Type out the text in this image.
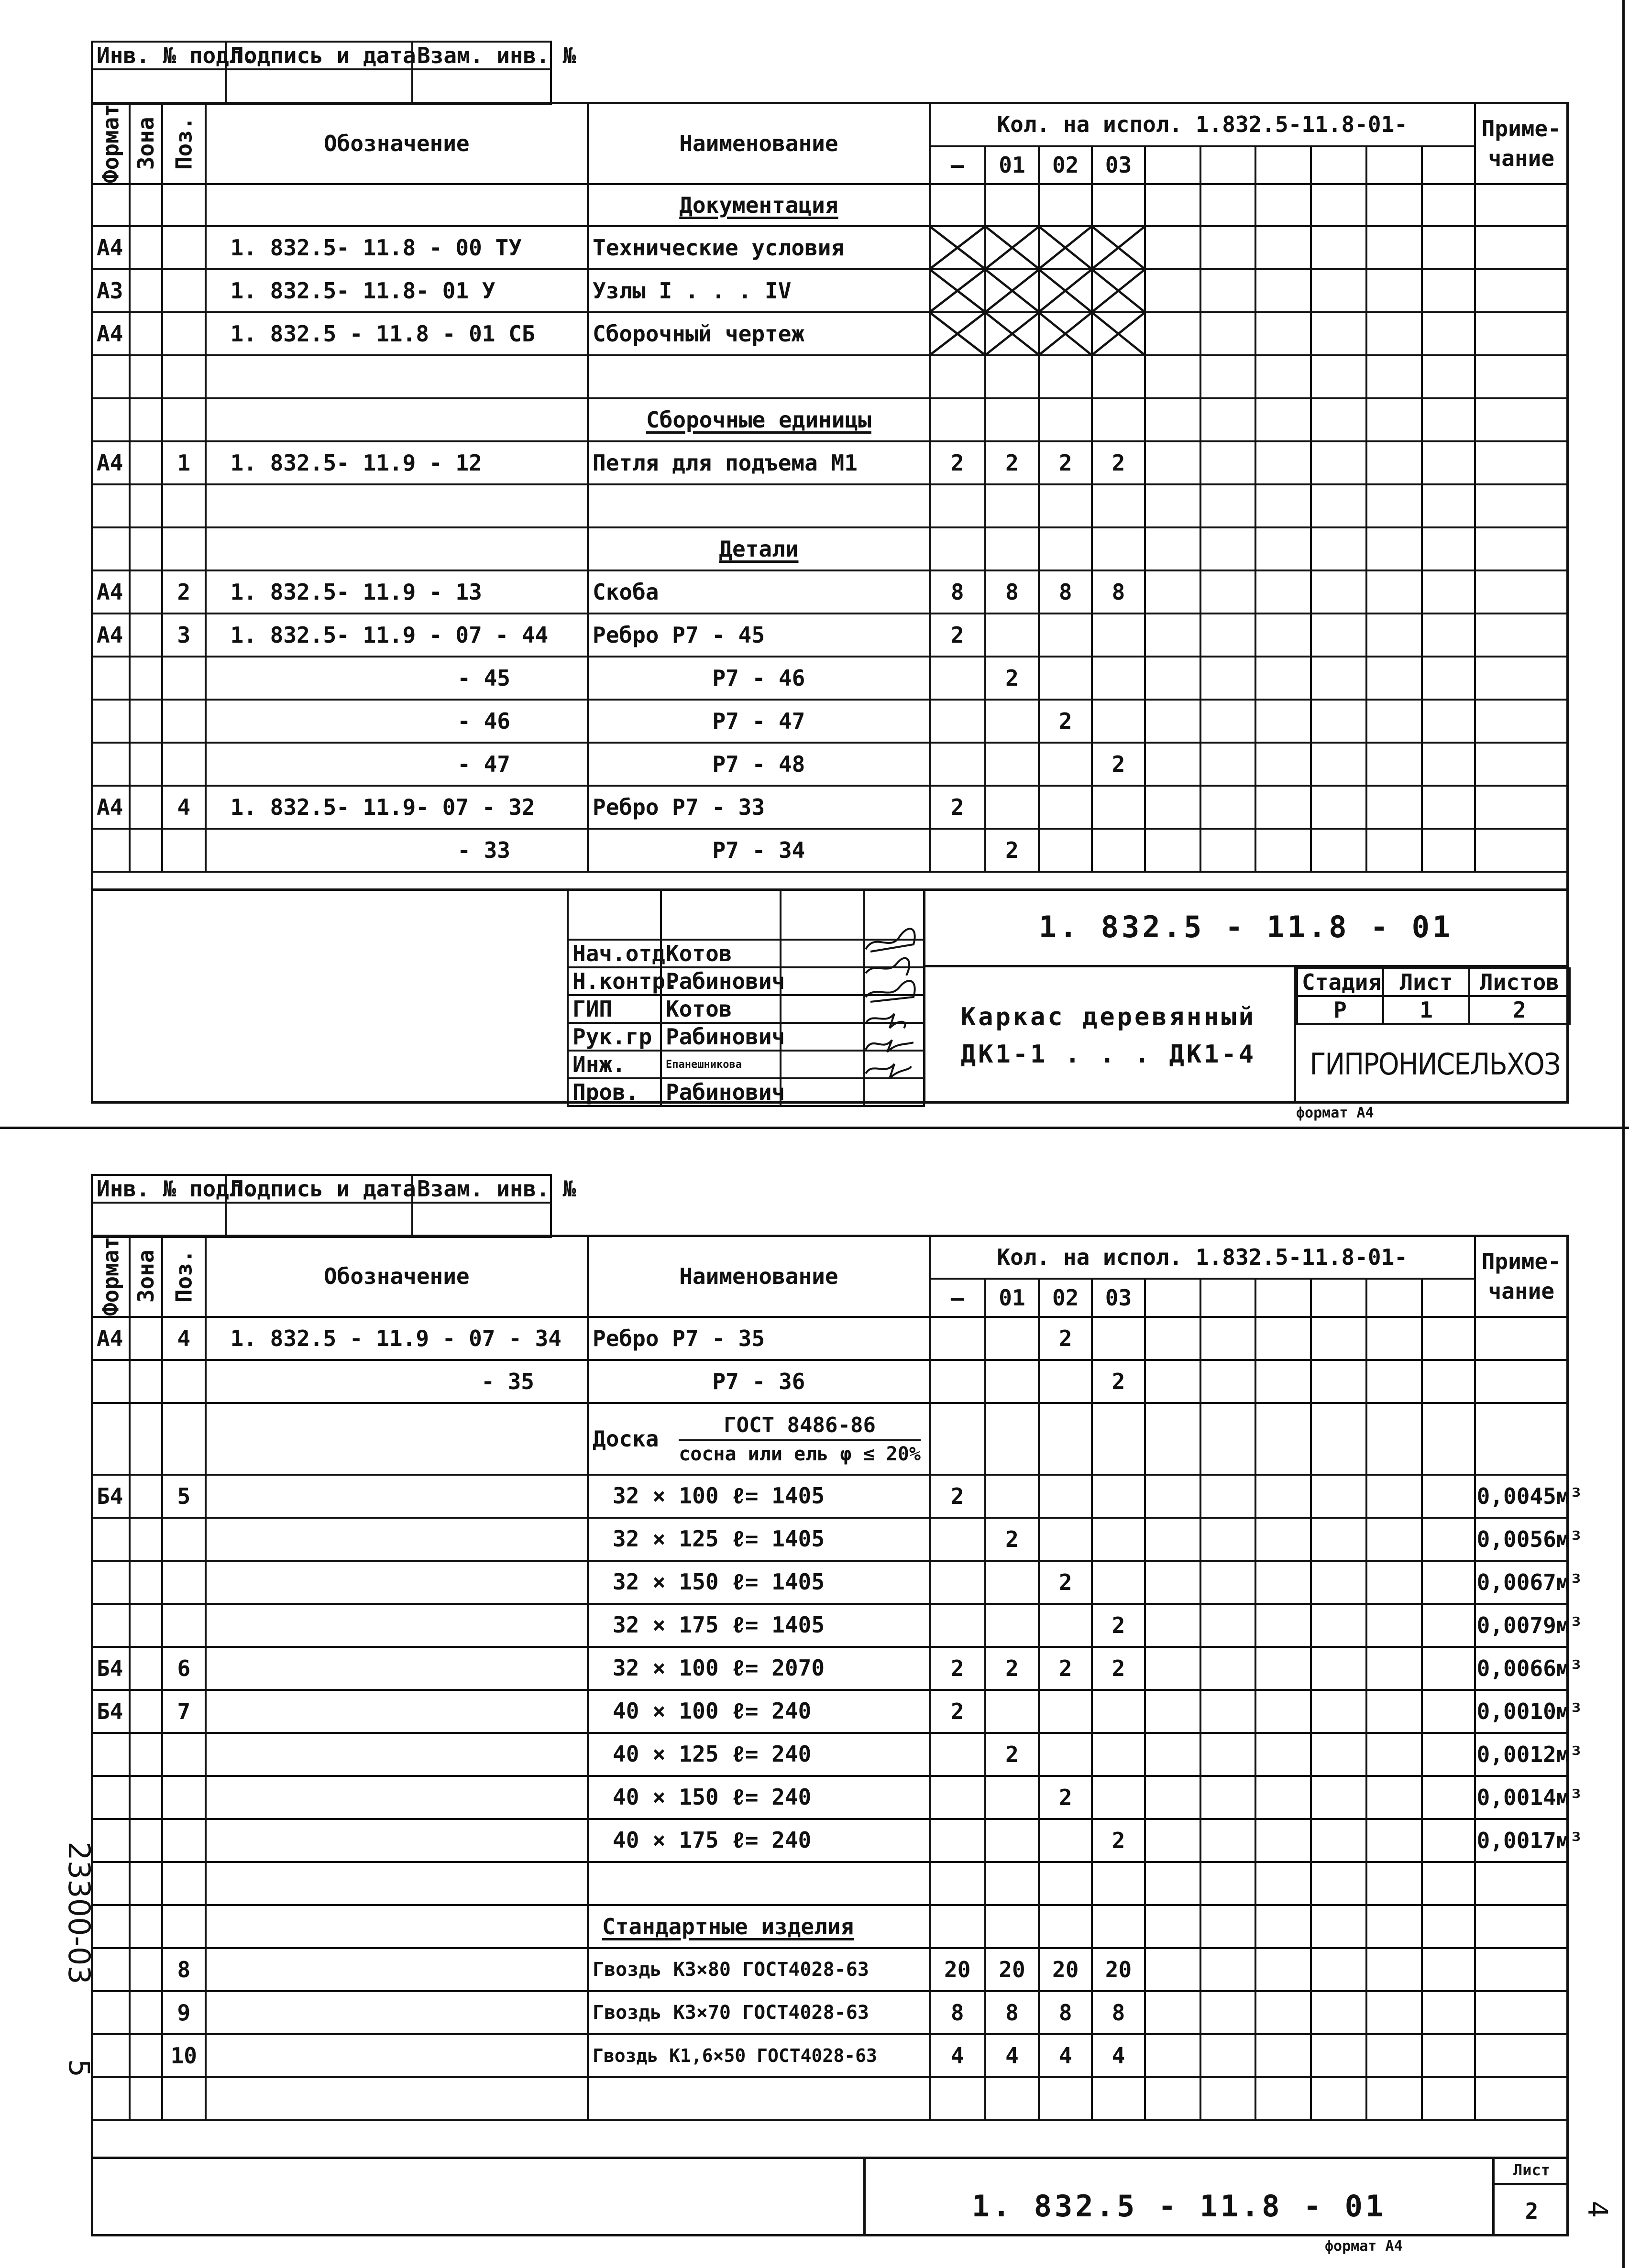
Инв. № подл.	Подпись и дата	Взам. инв. №

Формат	Зона	Поз.	Обозначение	Наименование	Кол. на испол. 1.832.5-11.8-01-										Приме-
чание
					—	01	02	03							
				Документация											
А4			1. 832.5- 11.8 - 00 ТУ	Технические условия	

А3			1. 832.5- 11.8- 01 У	Узлы I . . . IV	

А4			1. 832.5 - 11.8 - 01 СБ	Сборочный чертеж	

				Сборочные единицы											
А4		1	1. 832.5- 11.9 - 12	Петля для подъема М1	2	2	2	2							

				Детали											
А4		2	1. 832.5- 11.9 - 13	Скоба	8	8	8	8							
А4		3	1. 832.5- 11.9 - 07 - 44	Ребро Р7 - 45	2										
			- 45	Р7 - 46		2									
			- 46	Р7 - 47			2								
			- 47	Р7 - 48				2							
А4		4	1. 832.5- 11.9- 07 - 32	Ребро Р7 - 33	2										
			- 33	Р7 - 34		2									

Нач.отд	Котов		
Н.контр.	Рабинович		
ГИП	Котов		
Рук.гр	Рабинович		
Инж.	Епанешникова		
Пров.	Рабинович		
1. 832.5 - 11.8 - 01
Каркас деревянный
ДК1-1 . . . ДК1-4
Стадия	Лист	Листов
Р	1	2
ГИПРОНИСЕЛЬХОЗ
формат А4
Инв. № подл.	Подпись и дата	Взам. инв. №

Формат	Зона	Поз.	Обозначение	Наименование	Кол. на испол. 1.832.5-11.8-01-										Приме-
чание
					—	01	02	03							
А4		4	1. 832.5 - 11.9 - 07 - 34	Ребро Р7 - 35			2								
			- 35	Р7 - 36				2							
				Доска $\frac{\text{ГОСТ 8486-86}}{\text{сосна или ель φ ≤ 20\%}}$

Б4		5		32 × 100 ℓ= 1405	2										0,0045м³
				32 × 125 ℓ= 1405		2									0,0056м³
				32 × 150 ℓ= 1405			2								0,0067м³
				32 × 175 ℓ= 1405				2							0,0079м³
Б4		6		32 × 100 ℓ= 2070	2	2	2	2							0,0066м³
Б4		7		40 × 100 ℓ= 240	2										0,0010м³
				40 × 125 ℓ= 240		2									0,0012м³
				40 × 150 ℓ= 240			2								0,0014м³
				40 × 175 ℓ= 240				2							0,0017м³

				Стандартные изделия											
		8		Гвоздь К3×80 ГОСТ4028-63	20	20	20	20							
		9		Гвоздь К3×70 ГОСТ4028-63	8	8	8	8							
		10		Гвоздь К1,6×50 ГОСТ4028-63	4	4	4	4							

1. 832.5 - 11.8 - 01
Лист
2
формат А4
23300-03
5
4
